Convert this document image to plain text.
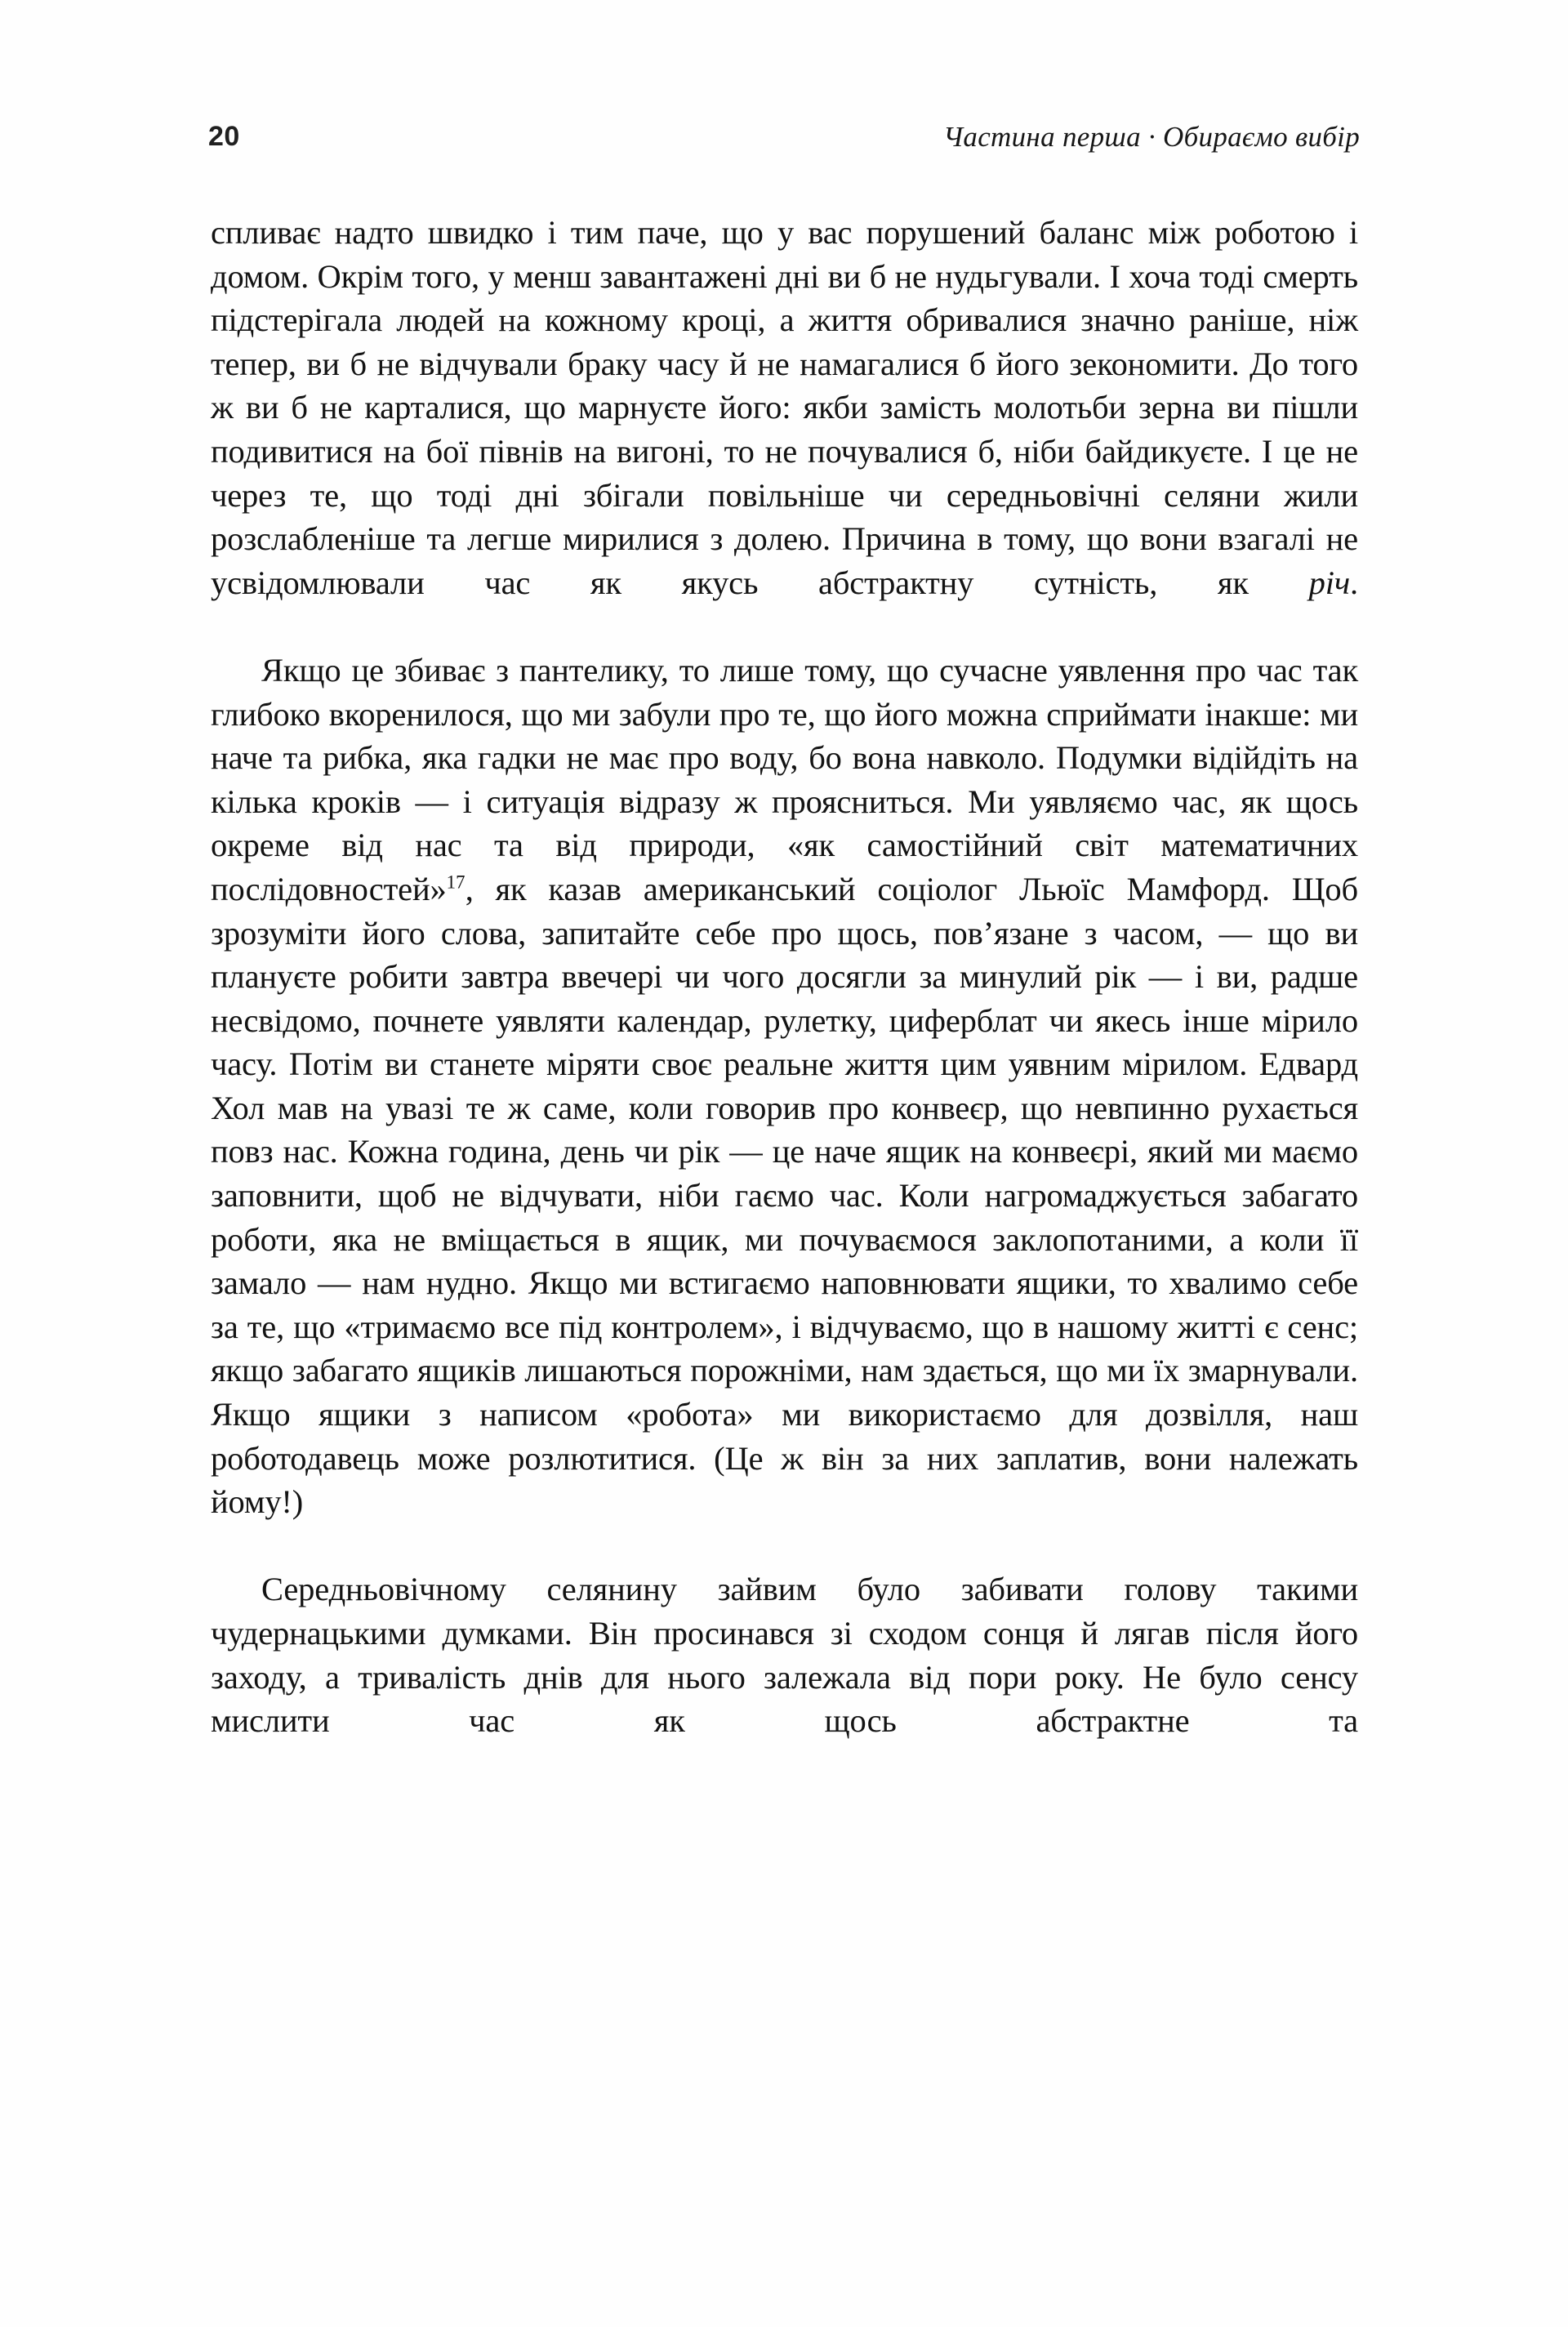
20	Частина перша · Обираємо вибір

спливає надто швидко і тим паче, що у вас порушений баланс між роботою і домом. Окрім того, у менш завантажені дні ви б не нудьгували. І хоча тоді смерть підстерігала людей на кожному кроці, а життя обривалися значно раніше, ніж тепер, ви б не відчували браку часу й не намагалися б його зекономити. До того ж ви б не карталися, що марнуєте його: якби замість молотьби зерна ви пішли подивитися на бої півнів на вигоні, то не почувалися б, ніби байдикуєте. І це не через те, що тоді дні збігали повільніше чи середньовічні селяни жили розслабленіше та легше мирилися з долею. Причина в тому, що вони взагалі не усвідомлювали час як якусь абстрактну сутність, як річ.

Якщо це збиває з пантелику, то лише тому, що сучасне уявлення про час так глибоко вкоренилося, що ми забули про те, що його можна сприймати інакше: ми наче та рибка, яка гадки не має про воду, бо вона навколо. Подумки відійдіть на кілька кроків — і ситуація відразу ж проясниться. Ми уявляємо час, як щось окреме від нас та від природи, «як самостійний світ математичних послідовностей»$^{17}$, як казав американський соціолог Льюїс Мамфорд. Щоб зрозуміти його слова, запитайте себе про щось, пов’язане з часом, — що ви плануєте робити завтра ввечері чи чого досягли за минулий рік — і ви, радше несвідомо, почнете уявляти календар, рулетку, циферблат чи якесь інше мірило часу. Потім ви станете міряти своє реальне життя цим уявним мірилом. Едвард Хол мав на увазі те ж саме, коли говорив про конвеєр, що невпинно рухається повз нас. Кожна година, день чи рік — це наче ящик на конвеєрі, який ми маємо заповнити, щоб не відчувати, ніби гаємо час. Коли нагромаджується забагато роботи, яка не вміщається в ящик, ми почуваємося заклопотаними, а коли її замало — нам нудно. Якщо ми встигаємо наповнювати ящики, то хвалимо себе за те, що «тримаємо все під контролем», і відчуваємо, що в нашому житті є сенс; якщо забагато ящиків лишаються порожніми, нам здається, що ми їх змарнували. Якщо ящики з написом «робота» ми використаємо для дозвілля, наш роботодавець може розлютитися. (Це ж він за них заплатив, вони належать йому!)

Середньовічному селянину зайвим було забивати голову такими чудернацькими думками. Він просинався зі сходом сонця й лягав після його заходу, а тривалість днів для нього залежала від пори року. Не було сенсу мислити час як щось абстрактне та
